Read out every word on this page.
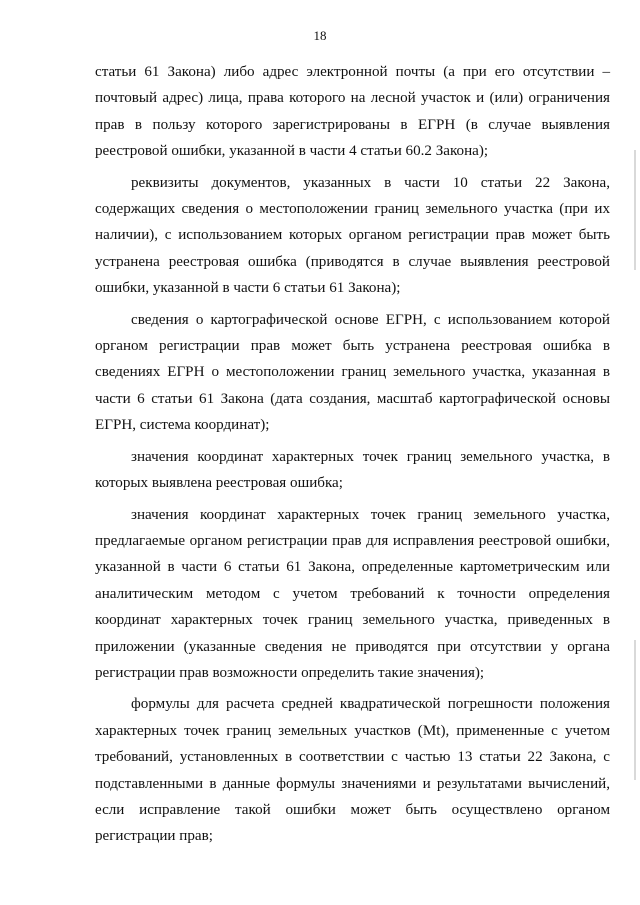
18

статьи 61 Закона) либо адрес электронной почты (а при его отсутствии – почтовый адрес) лица, права которого на лесной участок и (или) ограничения прав в пользу которого зарегистрированы в ЕГРН (в случае выявления реестровой ошибки, указанной в части 4 статьи 60.2 Закона);

реквизиты документов, указанных в части 10 статьи 22 Закона, содержащих сведения о местоположении границ земельного участка (при их наличии), с использованием которых органом регистрации прав может быть устранена реестровая ошибка (приводятся в случае выявления реестровой ошибки, указанной в части 6 статьи 61 Закона);

сведения о картографической основе ЕГРН, с использованием которой органом регистрации прав может быть устранена реестровая ошибка в сведениях ЕГРН о местоположении границ земельного участка, указанная в части 6 статьи 61 Закона (дата создания, масштаб картографической основы ЕГРН, система координат);

значения координат характерных точек границ земельного участка, в которых выявлена реестровая ошибка;

значения координат характерных точек границ земельного участка, предлагаемые органом регистрации прав для исправления реестровой ошибки, указанной в части 6 статьи 61 Закона, определенные картометрическим или аналитическим методом с учетом требований к точности определения координат характерных точек границ земельного участка, приведенных в приложении (указанные сведения не приводятся при отсутствии у органа регистрации прав возможности определить такие значения);

формулы для расчета средней квадратической погрешности положения характерных точек границ земельных участков (Mt), примененные с учетом требований, установленных в соответствии с частью 13 статьи 22 Закона, с подставленными в данные формулы значениями и результатами вычислений, если исправление такой ошибки может быть осуществлено органом регистрации прав;
